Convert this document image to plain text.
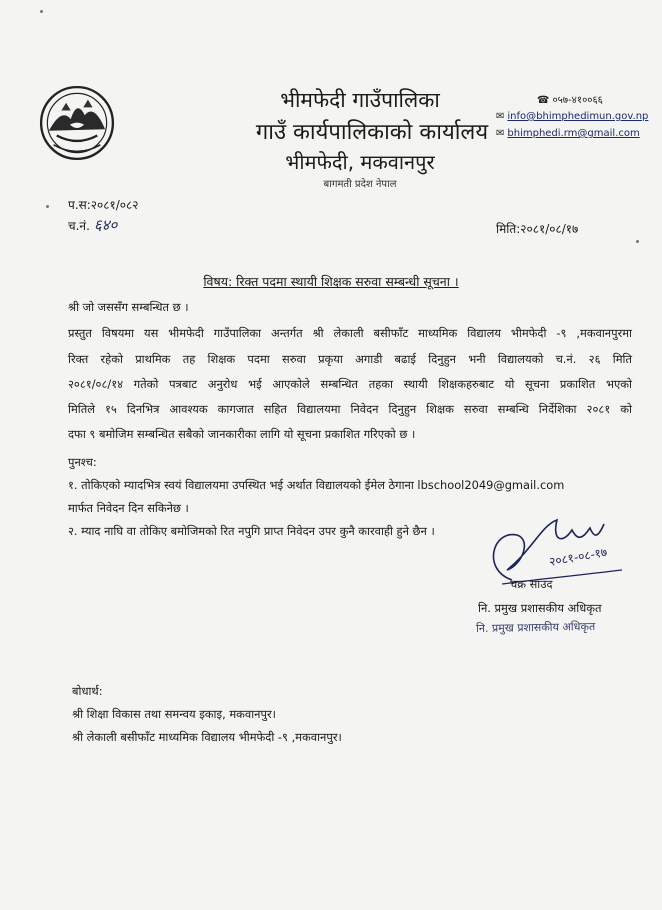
भीमफेदी गाउँपालिका
गाउँ कार्यपालिकाको कार्यालय
भीमफेदी, मकवानपुर
बागमती प्रदेश नेपाल
☎ ०५७-४१००६६
✉ info@bhimphedimun.gov.np
✉ bhimphedi.rm@gmail.com
प.स:२०८१/०८२
च.नं. ६४०	मिति:२०८१/०८/१७
विषय: रिक्त पदमा स्थायी शिक्षक सरुवा सम्बन्धी सूचना ।
श्री जो जससँग सम्बन्धित छ ।
प्रस्तुत विषयमा यस भीमफेदी गाउँपालिका अन्तर्गत श्री लेकाली बसीफाँट माध्यमिक विद्यालय भीमफेदी -९ ,मकवानपुरमा
रिक्त रहेको प्राथमिक तह शिक्षक पदमा सरुवा प्रकृया अगाडी बढाई दिनुहुन भनी विद्यालयको च.नं. २६ मिति
२०८१/०८/१४ गतेको पत्रबाट अनुरोध भई आएकोले सम्बन्धित तहका स्थायी शिक्षकहरुबाट यो सूचना प्रकाशित भएको
मितिले १५ दिनभित्र आवश्यक कागजात सहित विद्यालयमा निवेदन दिनुहुन शिक्षक सरुवा सम्बन्धि निर्देशिका २०८१ को
दफा ९ बमोजिम सम्बन्धित सबैको जानकारीका लागि यो सूचना प्रकाशित गरिएको छ ।
पुनश्च:
१. तोकिएको म्यादभित्र स्वयं विद्यालयमा उपस्थित भई अर्थात विद्यालयको ईमेल ठेगाना lbschool2049@gmail.com
मार्फत निवेदन दिन सकिनेछ ।
२. म्याद नाघि वा तोकिए बमोजिमको रित नपुगि प्राप्त निवेदन उपर कुनै कारवाही हुने छैन ।
२०८१-०८-१७
चक्र साउद
नि. प्रमुख प्रशासकीय अधिकृत
नि. प्रमुख प्रशासकीय अधिकृत
बोधार्थ:
श्री शिक्षा विकास तथा समन्वय इकाइ, मकवानपुर।
श्री लेकाली बसीफाँट माध्यमिक विद्यालय भीमफेदी -९ ,मकवानपुर।
